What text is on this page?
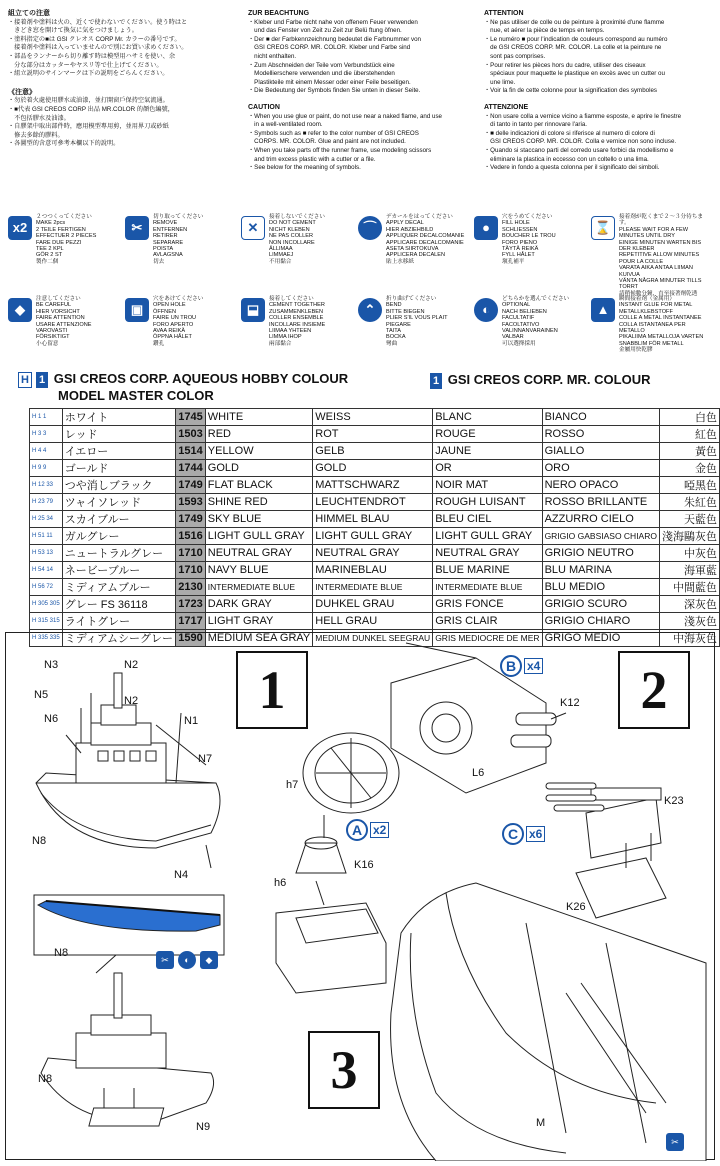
組立ての注意

・接着剤や塗料は火の、近くで使わないでください。使う時はと

　きどき窓を開けて換気に気をつけましょう。

・塗料指定の■は GSI クレオス CORP Mr. カラーの番号です。

　接着剤や塗料は入っていませんので別にお買い求めください。

・部品をランナーから切り離す時は模型用ハサミを使い、余

　分な部分はカッターやヤスリ等で仕上げてください。

・組立説明のサインマークは下の説明をごらんください。

《注意》

・勿於着火處使用膠水或油漆，並打開窗戶保持空氣流通。

・■代表 GSI CREOS CORP 出品 MR.COLOR 的顏色編號，

　不包括膠水及油漆。

・自膠架中取出部件時，應用模型專用剪，並用界刀或砂紙

　修去多餘的膠料。

・各圖型的含意可參考本欄以下的說明。

ZUR BEACHTUNG

・Kleber und Farbe nicht nahe von offenem Feuer verwenden

　und das Fenster von Zeit zu Zeit zur Belü ftung öfnen.

・Der ■ der Farbkennzeichnung bedeutet die Farbnummer von

　GSI CREOS CORP. MR. COLOR. Kleber und Farbe sind

　nicht enthalten.

・Zum Abschneiden der Teile vom Verbundstück eine

　Modellierschere verwenden und die überstehenden

　Plastikteile mit einem Messer oder einer Feile beseitigen.

・Die Bedeutung der Symbols finden Sie unten in dieser Seite.

CAUTION

・When you use glue or paint, do not use near a naked flame, and use

　in a well-ventilated room.

・Symbols such as ■ refer to the color number of GSI CREOS

　CORPS. MR. COLOR. Glue and paint are not included.

・When you take parts off the runner frame, use modeling scissors

　and trim excess plastic with a cutter or a file.

・See below for the meaning of symbols.

ATTENTION

・Ne pas utiliser de colle ou de peinture à proximité d'une flamme

　nue, et aérer la pièce de temps en temps.

・Le numéro ■ pour l'indication de couleurs correspond au numéro

　de GSI CREOS CORP. MR. COLOR. La colle et la peinture ne

　sont pas comprises.

・Pour retirer les pièces hors du cadre, utiliser des ciseaux

　spéciaux pour maquette le plastique en excès avec un cutter ou

　une lime.

・Voir la fin de cette colonne pour la signification des symboles

ATTENZIONE

・Non usare colla a vernice vicino a fiamme esposte, e aprire le finestre

　di tanto in tanto per rinnovare l'aria.

・■ delle indicazioni di colore si riferisce al numero di colore di

　GSI CREOS CORP. MR. COLOR. Colla e vernice non sono incluse.

・Quando si staccano parti del corredo usare forbici da modellismo e

　eliminare la plastica in eccesso con un coltello o una lima.

・Vedere in fondo a questa colonna per il significato dei simboli.

x2
２つつくってください
MAKE 2pcs
2 TEILE FERTIGEN
EFFECTUER 2 PIECES
FARE DUE PEZZI
TEE 2 KPL
GÖR 2 ST
製作二個
✂
切り取ってください
REMOVE
ENTFERNEN
RETIRER
SEPARARE
POISTA
AVLAGSNA
切去
✕
接着しないでください
DO NOT CEMENT
NICHT KLEBEN
NE PAS COLLER
NON INCOLLARE
ÄLLIMAA
LIMMAEJ
不用黏合
⌒
デカールをはってください
APPLY DECAL
HIER ABZIEHBILD
APPLIQUER DECALCOMANIE
APPLICARE DECALCOMANIE
ASETA SIIRTOKUVA
APPLICERA DECALEN
貼上水移紙
●
穴をうめてください
FILL HOLE
SCHLIESSEN
BOUCHER LE TROU
FORO PIENO
TÄYTÄ REIKÄ
FYLL HÅLET
塡孔補平
⌛
接着剤が乾くまで２～３分待ちます。
PLEASE WAIT FOR A FEW MINUTES UNTIL DRY
EINIGE MINUTEN WARTEN BIS DER KLEBER
REPETITIVE ALLOW MINUTES POUR LA COLLE
VARATA AIKA ANTAA LIIMAN KUIVUA
VÄNTA NÅGRA MINUTER TILLS TORRT
請稍候數分鐘，直至接著劑乾透
◆
注意してください
BE CAREFUL
HIER VORSICHT
FAIRE ATTENTION
USARE ATTENZIONE
VAROVASTI
FÖRSIKTIGT
小心留意
▣
穴をあけてください
OPEN HOLE
ÖFFNEN
FAIRE UN TROU
FORO APERTO
AVAA REIKÄ
ÖPPNA HÅLET
鑽孔
⬓
接着してください
CEMENT TOGETHER
ZUSAMMENKLEBEN
COLLER ENSEMBLE
INCOLLARE INSIEME
LIIMAA YHTEEN
LIMMA IHOP
兩部黏合
⌃
折り曲げてください
BEND
BITTE BIEGEN
PLIER S'IL VOUS PLAIT
PIEGARE
TAITA
BOCKA
彎曲
◐
どちらかを選んでください
OPTIONAL
NACH BELIEBEN
FACULTATIF
FACOLTATIVO
VALINNANVARAINEN
VALBAR
可以選擇採用
▲
瞬間接着剤（金属用）
INSTANT GLUE FOR METAL
METALLKLEBSTOFF
COLLE A METAL INSTANTANEE
COLLA ISTANTANEA PER METALLO
PIKALIIMA METALLOJA VARTEN
SNABBLIM FÖR METALL
金屬用快乾膠
H 1 GSI CREOS CORP. AQUEOUS HOBBY COLOUR	1 GSI CREOS CORP. MR. COLOUR
MODEL MASTER COLOR
H 1 1	ホワイト	1745	WHITE	WEISS	BLANC	BIANCO	白色
H 3 3	レッド	1503	RED	ROT	ROUGE	ROSSO	紅色
H 4 4	イエロー	1514	YELLOW	GELB	JAUNE	GIALLO	黃色
H 9 9	ゴールド	1744	GOLD	GOLD	OR	ORO	金色
H 12 33	つや消しブラック	1749	FLAT BLACK	MATTSCHWARZ	NOIR MAT	NERO OPACO	啞黑色
H 23 79	ツャイソレッド	1593	SHINE RED	LEUCHTENDROT	ROUGH LUISANT	ROSSO BRILLANTE	朱紅色
H 25 34	スカイブルー	1749	SKY BLUE	HIMMEL BLAU	BLEU CIEL	AZZURRO CIELO	天藍色
H 51 11	ガルグレー	1516	LIGHT GULL GRAY	LIGHT GULL GRAY	LIGHT GULL GRAY	GRIGIO GABSIASO CHIARO	淺海鷗灰色
H 53 13	ニュートラルグレー	1710	NEUTRAL GRAY	NEUTRAL GRAY	NEUTRAL GRAY	GRIGIO NEUTRO	中灰色
H 54 14	ネービーブルー	1710	NAVY BLUE	MARINEBLAU	BLUE MARINE	BLU MARINA	海軍藍
H 56 72	ミディアムブルー	2130	INTERMEDIATE BLUE	INTERMEDIATE BLUE	INTERMEDIATE BLUE	BLU MEDIO	中間藍色
H 305 305	グレー FS 36118	1723	DARK GRAY	DUHKEL GRAU	GRIS FONCE	GRIGIO SCURO	深灰色
H 315 315	ライトグレー	1717	LIGHT GRAY	HELL GRAU	GRIS CLAIR	GRIGIO CHIARO	淺灰色
H 335 335	ミディアムシーグレー	1590	MEDIUM SEA GRAY	MEDIUM DUNKEL SEEGRAU	GRIS MEDIOCRE DE MER	GRIGO MEDIO	中海灰色
1	2
3
N3	N2
N5	N2
N1
N6
N7
N8
N4
N8
N8
N9
h7
h6
K16
K12
L6
K23
K26
M
A x2
B x4
C x6
✂	◐	◆
✂
